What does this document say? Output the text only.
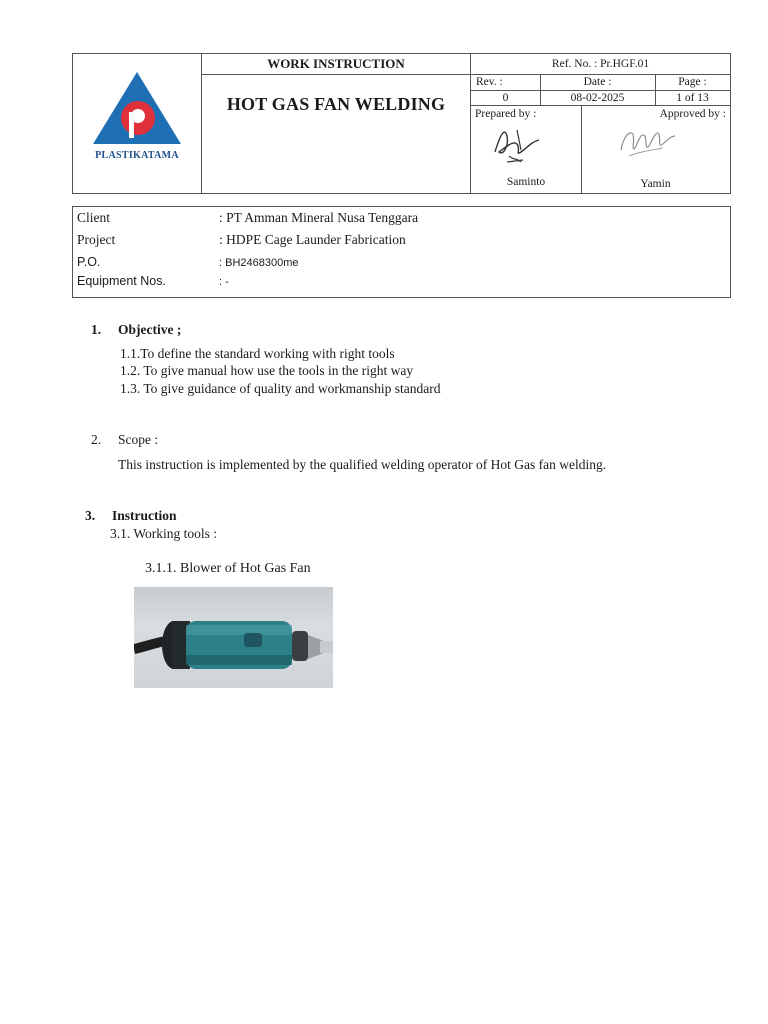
PLASTIKATAMA
WORK INSTRUCTION
HOT GAS FAN WELDING
Ref. No. : Pr.HGF.01
Rev. :	Date :	Page :
0	08-02-2025	1 of 13
Prepared by :	Approved by :
Saminto	Yamin
Client	: PT Amman Mineral Nusa Tenggara
Project	: HDPE Cage Launder Fabrication
P.O.	: BH2468300me
Equipment Nos.	: -
1. Objective ;
1.1.To define the standard working with right tools
1.2. To give manual how use the tools in the right way
1.3. To give guidance of quality and workmanship standard
2. Scope :
This instruction is implemented by the qualified welding operator of Hot Gas fan welding.
3. Instruction
3.1. Working tools :
3.1.1. Blower of Hot Gas Fan
